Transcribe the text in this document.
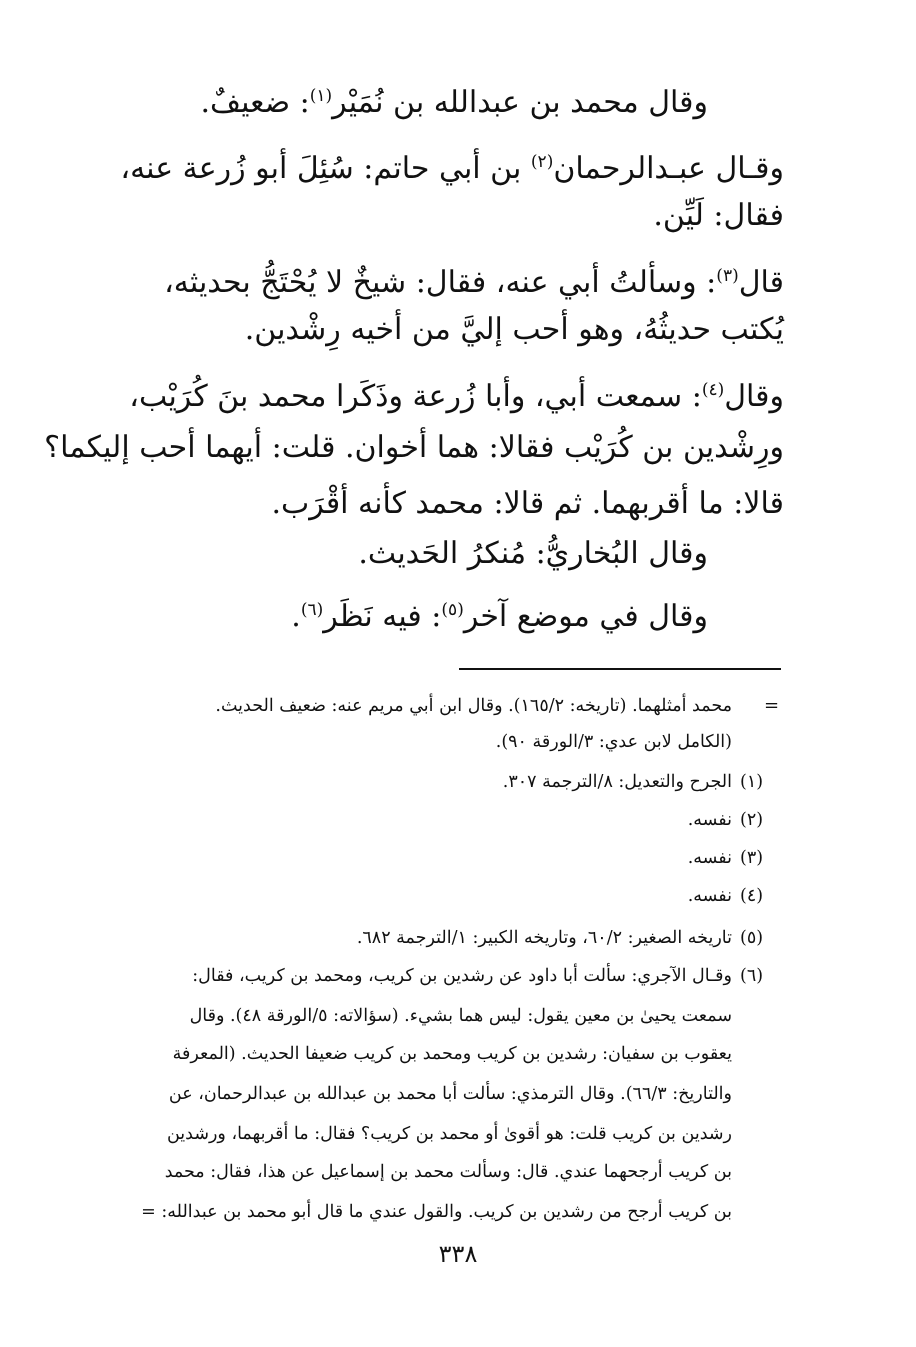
وقال محمد بن عبدالله بن نُمَيْر$^{(١)}$: ضعيفٌ.
وقـال عبـدالرحمان$^{(٢)}$ بن أبي حاتم: سُئِلَ أبو زُرعة عنه،
فقال: لَيِّن.
قال$^{(٣)}$: وسألتُ أبي عنه، فقال: شيخٌ لا يُحْتَجُّ بحديثه،
يُكتب حديثُهُ، وهو أحب إليَّ من أخيه رِشْدين.
وقال$^{(٤)}$: سمعت أبي، وأبا زُرعة وذَكَرا محمد بنَ كُرَيْب،
ورِشْدين بن كُرَيْب فقالا: هما أخوان. قلت: أيهما أحب إليكما؟
قالا: ما أقربهما. ثم قالا: محمد كأنه أقْرَب.
وقال البُخاريُّ: مُنكرُ الحَديث.
وقال في موضع آخر$^{(٥)}$: فيه نَظَر$^{(٦)}$.
=
محمد أمثلهما. (تاريخه: ١٦٥/٢). وقال ابن أبي مريم عنه: ضعيف الحديث.
(الكامل لابن عدي: ٣/الورقة ٩٠).
(١)
الجرح والتعديل: ٨/الترجمة ٣٠٧.
(٢)
نفسه.
(٣)
نفسه.
(٤)
نفسه.
(٥)
تاريخه الصغير: ٦٠/٢، وتاريخه الكبير: ١/الترجمة ٦٨٢.
(٦)
وقـال الآجري: سألت أبا داود عن رشدين بن كريب، ومحمد بن كريب، فقال:
سمعت يحيىٰ بن معين يقول: ليس هما بشيء. (سؤالاته: ٥/الورقة ٤٨). وقال
يعقوب بن سفيان: رشدين بن كريب ومحمد بن كريب ضعيفا الحديث. (المعرفة
والتاريخ: ٦٦/٣). وقال الترمذي: سألت أبا محمد بن عبدالله بن عبدالرحمان، عن
رشدين بن كريب قلت: هو أقوىٰ أو محمد بن كريب؟ فقال: ما أقربهما، ورشدين
بن كريب أرجحهما عندي. قال: وسألت محمد بن إسماعيل عن هذا، فقال: محمد
بن كريب أرجح من رشدين بن كريب. والقول عندي ما قال أبو محمد بن عبدالله: =
٣٣٨
